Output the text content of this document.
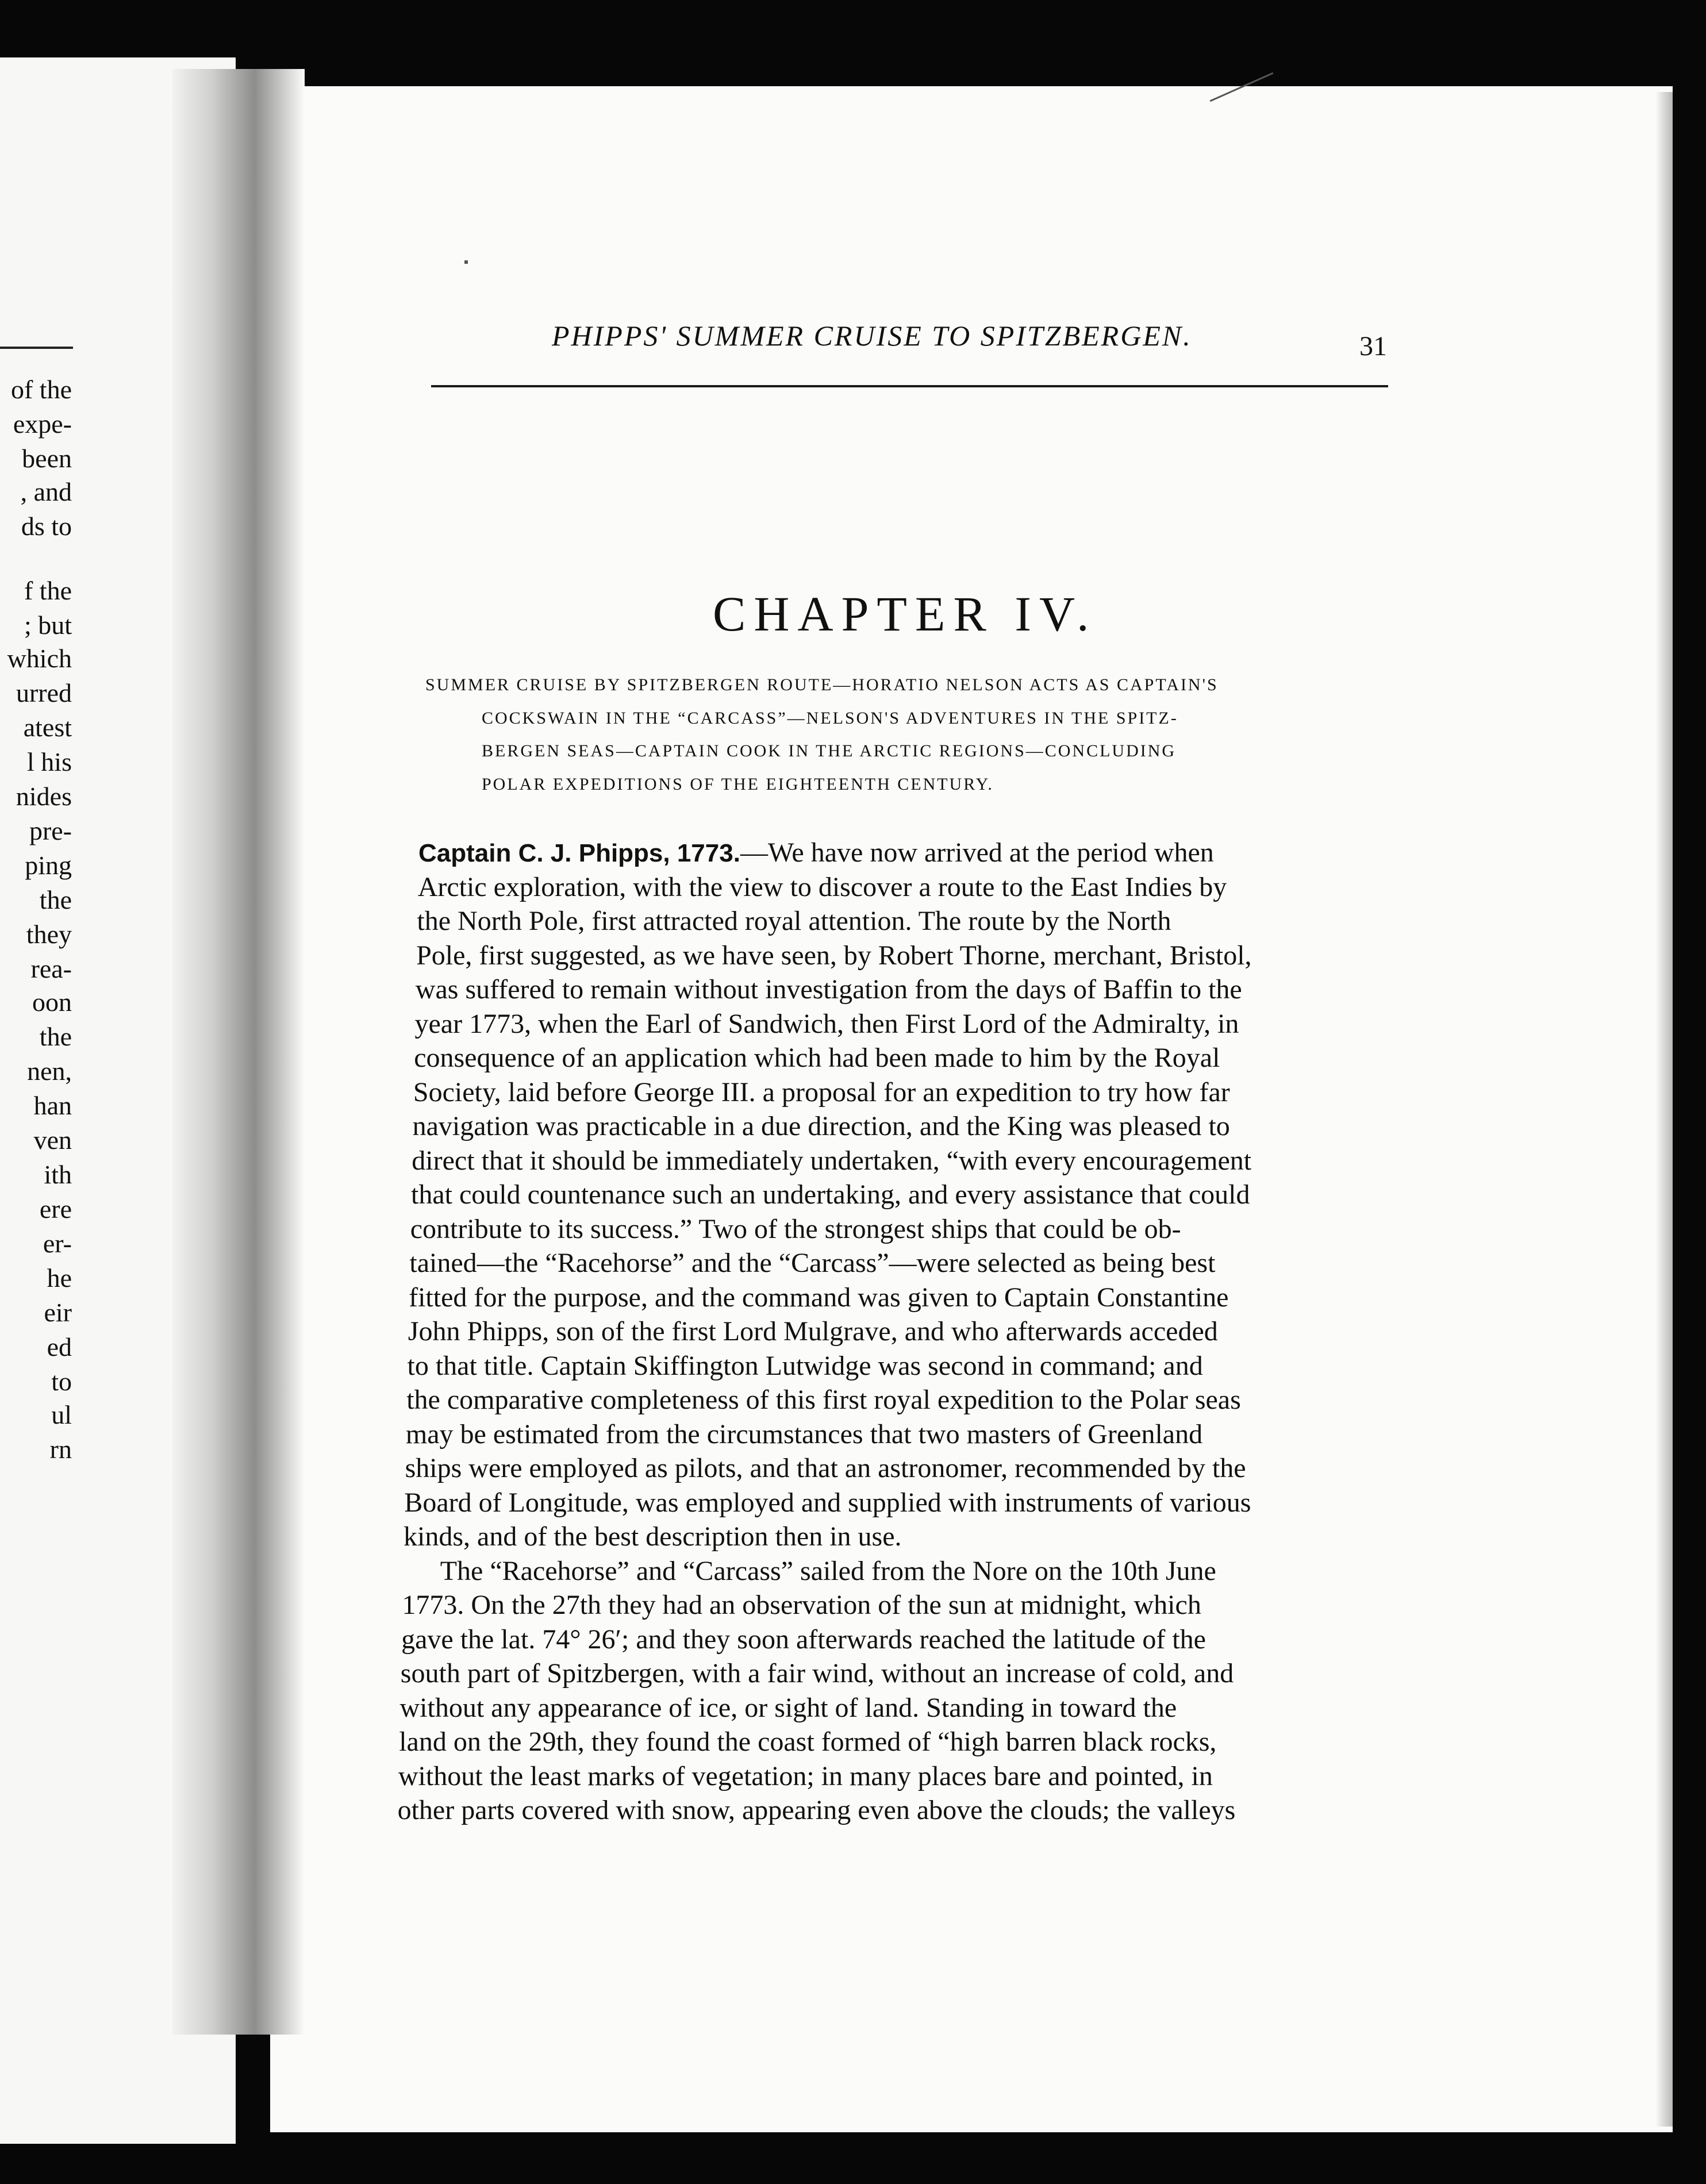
of the
expe-
been
, and
ds to
f the
; but
which
urred
atest
l his
nides
pre-
ping
the
they
rea-
oon
the
nen,
han
ven
ith
ere
er-
he
eir
ed
to
ul
rn
PHIPPS' SUMMER CRUISE TO SPITZBERGEN.	31
CHAPTER IV.
SUMMER CRUISE BY SPITZBERGEN ROUTE—HORATIO NELSON ACTS AS CAPTAIN'S
COCKSWAIN IN THE “CARCASS”—NELSON'S ADVENTURES IN THE SPITZ-
BERGEN SEAS—CAPTAIN COOK IN THE ARCTIC REGIONS—CONCLUDING
POLAR EXPEDITIONS OF THE EIGHTEENTH CENTURY.
Captain C. J. Phipps, 1773.—We have now arrived at the period when
Arctic exploration, with the view to discover a route to the East Indies by
the North Pole, first attracted royal attention. The route by the North
Pole, first suggested, as we have seen, by Robert Thorne, merchant, Bristol,
was suffered to remain without investigation from the days of Baffin to the
year 1773, when the Earl of Sandwich, then First Lord of the Admiralty, in
consequence of an application which had been made to him by the Royal
Society, laid before George III. a proposal for an expedition to try how far
navigation was practicable in a due direction, and the King was pleased to
direct that it should be immediately undertaken, “with every encouragement
that could countenance such an undertaking, and every assistance that could
contribute to its success.” Two of the strongest ships that could be ob-
tained—the “Racehorse” and the “Carcass”—were selected as being best
fitted for the purpose, and the command was given to Captain Constantine
John Phipps, son of the first Lord Mulgrave, and who afterwards acceded
to that title. Captain Skiffington Lutwidge was second in command; and
the comparative completeness of this first royal expedition to the Polar seas
may be estimated from the circumstances that two masters of Greenland
ships were employed as pilots, and that an astronomer, recommended by the
Board of Longitude, was employed and supplied with instruments of various
kinds, and of the best description then in use.
The “Racehorse” and “Carcass” sailed from the Nore on the 10th June
1773. On the 27th they had an observation of the sun at midnight, which
gave the lat. 74° 26′; and they soon afterwards reached the latitude of the
south part of Spitzbergen, with a fair wind, without an increase of cold, and
without any appearance of ice, or sight of land. Standing in toward the
land on the 29th, they found the coast formed of “high barren black rocks,
without the least marks of vegetation; in many places bare and pointed, in
other parts covered with snow, appearing even above the clouds; the valleys
